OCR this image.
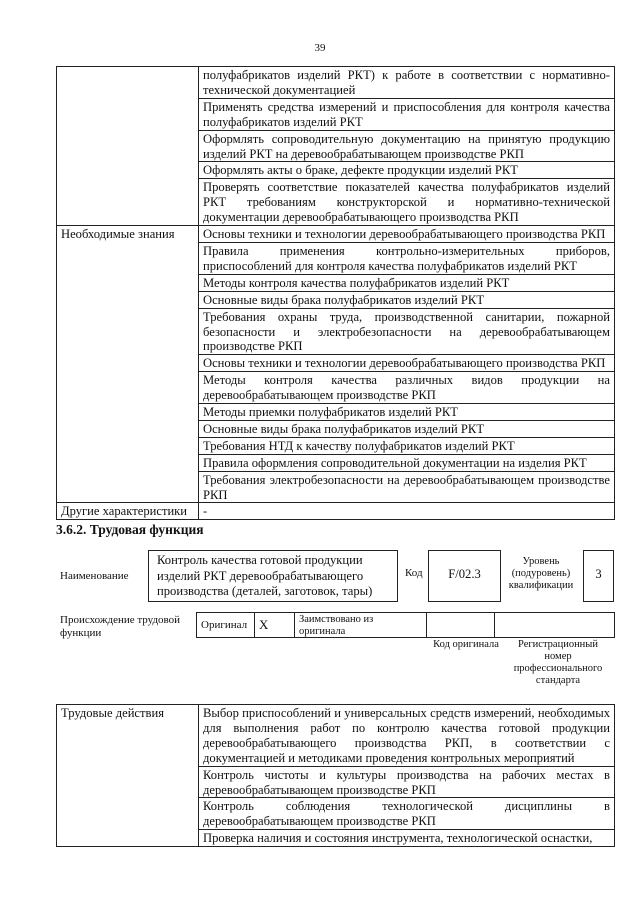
39
	полуфабрикатов изделий РКТ) к работе в соответствии с нормативно-технической документацией
	Применять средства измерений и приспособления для контроля качества полуфабрикатов изделий РКТ
	Оформлять сопроводительную документацию на принятую продукцию изделий РКТ на деревообрабатывающем производстве РКП
	Оформлять акты о браке, дефекте продукции изделий РКТ
	Проверять соответствие показателей качества полуфабрикатов изделий РКТ требованиям конструкторской и нормативно-технической документации деревообрабатывающего производства РКП
Необходимые знания	Основы техники и технологии деревообрабатывающего производства РКП
	Правила применения контрольно-измерительных приборов, приспособлений для контроля качества полуфабрикатов изделий РКТ
	Методы контроля качества полуфабрикатов изделий РКТ
	Основные виды брака полуфабрикатов изделий РКТ
	Требования охраны труда, производственной санитарии, пожарной безопасности и электробезопасности на деревообрабатывающем производстве РКП
	Основы техники и технологии деревообрабатывающего производства РКП
	Методы контроля качества различных видов продукции на деревообрабатывающем производстве РКП
	Методы приемки полуфабрикатов изделий РКТ
	Основные виды брака полуфабрикатов изделий РКТ
	Требования НТД к качеству полуфабрикатов изделий РКТ
	Правила оформления сопроводительной документации на изделия РКТ
	Требования электробезопасности на деревообрабатывающем производстве РКП
Другие характеристики	-
3.6.2. Трудовая функция
Наименование
Контроль качества готовой продукции изделий РКТ деревообрабатывающего производства (деталей, заготовок, тары)
Код	F/02.3
Уровень (подуровень) квалификации
3
Происхождение трудовой функции
Оригинал	X	Заимствовано из оригинала		
Код оригинала	Регистрационный номер профессионального стандарта
Трудовые действия	Выбор приспособлений и универсальных средств измерений, необходимых для выполнения работ по контролю качества готовой продукции деревообрабатывающего производства РКП, в соответствии с документацией и методиками проведения контрольных мероприятий
Контроль чистоты и культуры производства на рабочих местах в деревообрабатывающем производстве РКП
Контроль соблюдения технологической дисциплины в деревообрабатывающем производстве РКП
Проверка наличия и состояния инструмента, технологической оснастки,
